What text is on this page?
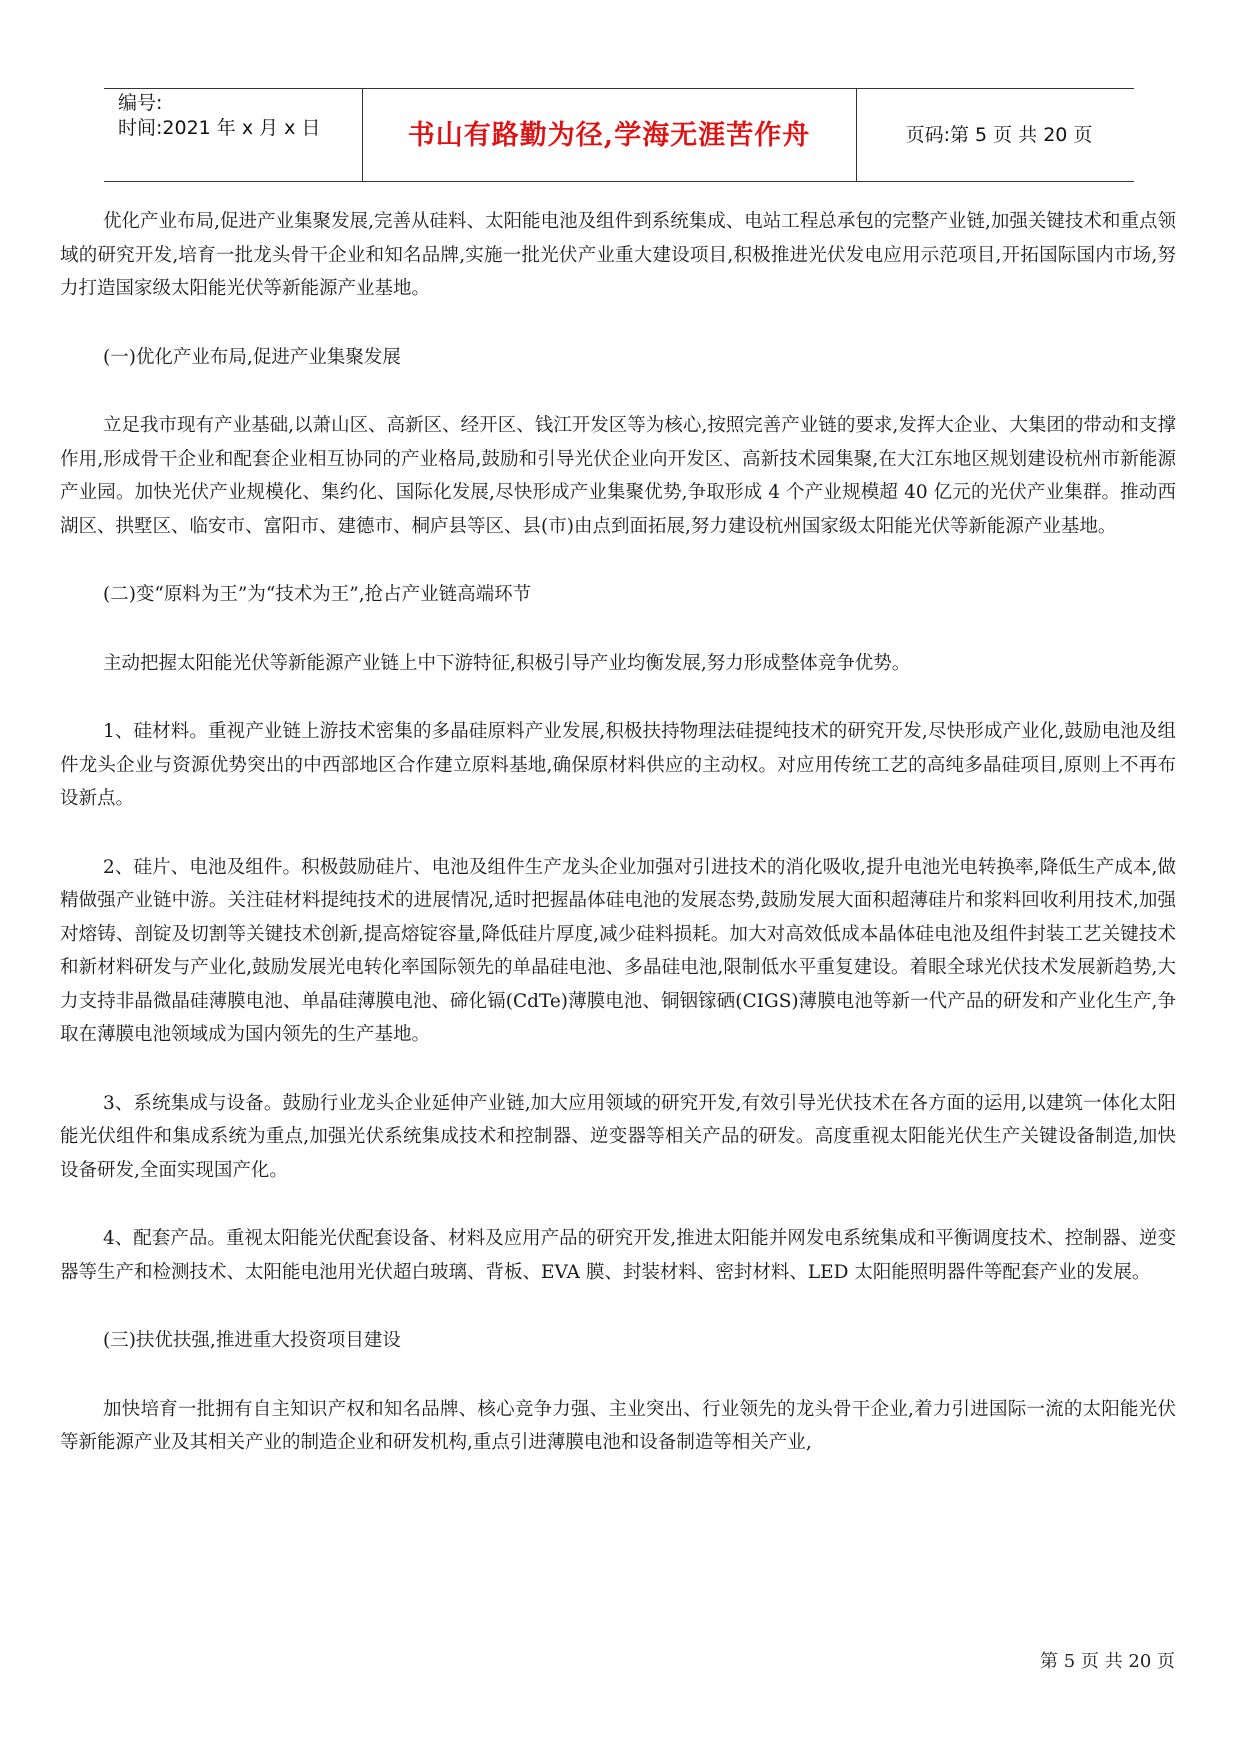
编号:
时间:2021 年 x 月 x 日	书山有路勤为径,学海无涯苦作舟	页码:第 5 页 共 20 页

优化产业布局,促进产业集聚发展,完善从硅料、太阳能电池及组件到系统集成、电站工程总承包的完整产业链,加强关键技术和重点领域的研究开发,培育一批龙头骨干企业和知名品牌,实施一批光伏产业重大建设项目,积极推进光伏发电应用示范项目,开拓国际国内市场,努力打造国家级太阳能光伏等新能源产业基地。

(一)优化产业布局,促进产业集聚发展

立足我市现有产业基础,以萧山区、高新区、经开区、钱江开发区等为核心,按照完善产业链的要求,发挥大企业、大集团的带动和支撑作用,形成骨干企业和配套企业相互协同的产业格局,鼓励和引导光伏企业向开发区、高新技术园集聚,在大江东地区规划建设杭州市新能源产业园。加快光伏产业规模化、集约化、国际化发展,尽快形成产业集聚优势,争取形成 4 个产业规模超 40 亿元的光伏产业集群。推动西湖区、拱墅区、临安市、富阳市、建德市、桐庐县等区、县(市)由点到面拓展,努力建设杭州国家级太阳能光伏等新能源产业基地。

(二)变“原料为王”为“技术为王”,抢占产业链高端环节

主动把握太阳能光伏等新能源产业链上中下游特征,积极引导产业均衡发展,努力形成整体竞争优势。

1、硅材料。重视产业链上游技术密集的多晶硅原料产业发展,积极扶持物理法硅提纯技术的研究开发,尽快形成产业化,鼓励电池及组件龙头企业与资源优势突出的中西部地区合作建立原料基地,确保原材料供应的主动权。对应用传统工艺的高纯多晶硅项目,原则上不再布设新点。

2、硅片、电池及组件。积极鼓励硅片、电池及组件生产龙头企业加强对引进技术的消化吸收,提升电池光电转换率,降低生产成本,做精做强产业链中游。关注硅材料提纯技术的进展情况,适时把握晶体硅电池的发展态势,鼓励发展大面积超薄硅片和浆料回收利用技术,加强对熔铸、剖锭及切割等关键技术创新,提高熔锭容量,降低硅片厚度,减少硅料损耗。加大对高效低成本晶体硅电池及组件封装工艺关键技术和新材料研发与产业化,鼓励发展光电转化率国际领先的单晶硅电池、多晶硅电池,限制低水平重复建设。着眼全球光伏技术发展新趋势,大力支持非晶微晶硅薄膜电池、单晶硅薄膜电池、碲化镉(CdTe)薄膜电池、铜铟镓硒(CIGS)薄膜电池等新一代产品的研发和产业化生产,争取在薄膜电池领域成为国内领先的生产基地。

3、系统集成与设备。鼓励行业龙头企业延伸产业链,加大应用领域的研究开发,有效引导光伏技术在各方面的运用,以建筑一体化太阳能光伏组件和集成系统为重点,加强光伏系统集成技术和控制器、逆变器等相关产品的研发。高度重视太阳能光伏生产关键设备制造,加快设备研发,全面实现国产化。

4、配套产品。重视太阳能光伏配套设备、材料及应用产品的研究开发,推进太阳能并网发电系统集成和平衡调度技术、控制器、逆变器等生产和检测技术、太阳能电池用光伏超白玻璃、背板、EVA 膜、封装材料、密封材料、LED 太阳能照明器件等配套产业的发展。

(三)扶优扶强,推进重大投资项目建设

加快培育一批拥有自主知识产权和知名品牌、核心竞争力强、主业突出、行业领先的龙头骨干企业,着力引进国际一流的太阳能光伏等新能源产业及其相关产业的制造企业和研发机构,重点引进薄膜电池和设备制造等相关产业,

第 5 页 共 20 页
